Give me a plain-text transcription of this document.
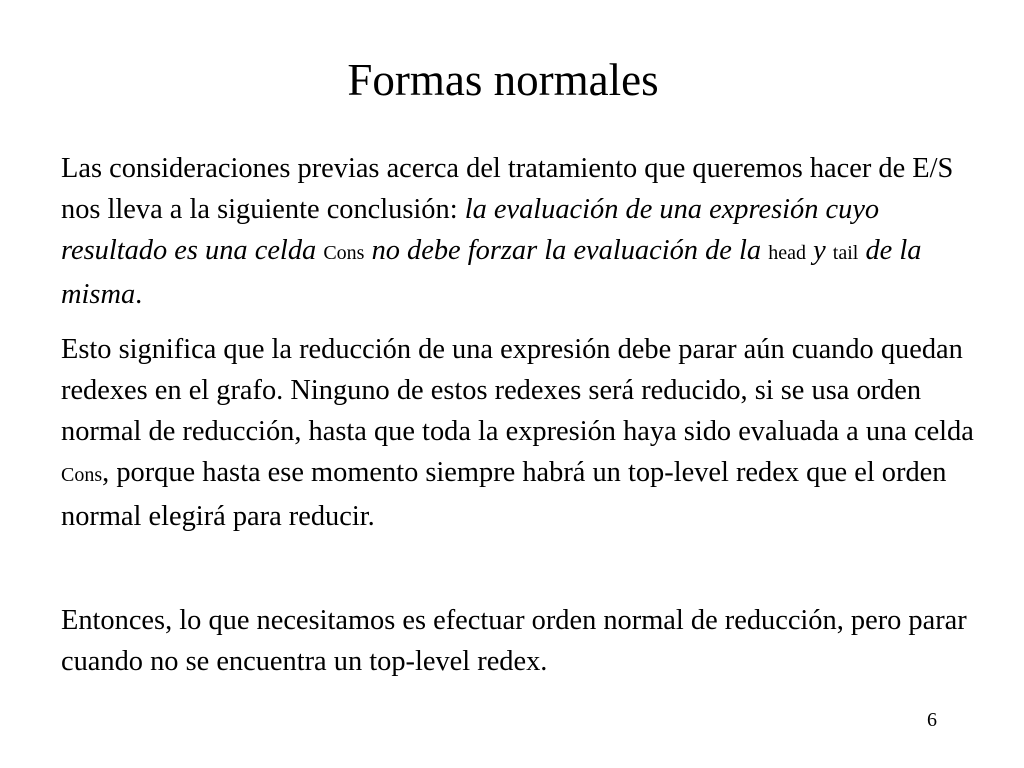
Formas normales

Las consideraciones previas acerca del tratamiento que queremos hacer de E/S nos lleva a la siguiente conclusión: la evaluación de una expresión cuyo resultado es una celda Cons no debe forzar la evaluación de la head y tail de la misma.

Esto significa que la reducción de una expresión debe parar aún cuando quedan redexes en el grafo. Ninguno de estos redexes será reducido, si se usa orden normal de reducción, hasta que toda la expresión haya sido evaluada a una celda Cons, porque hasta ese momento siempre habrá un top-level redex que el orden normal elegirá para reducir.

Entonces, lo que necesitamos es efectuar orden normal de reducción, pero parar cuando no se encuentra un top-level redex.

6
